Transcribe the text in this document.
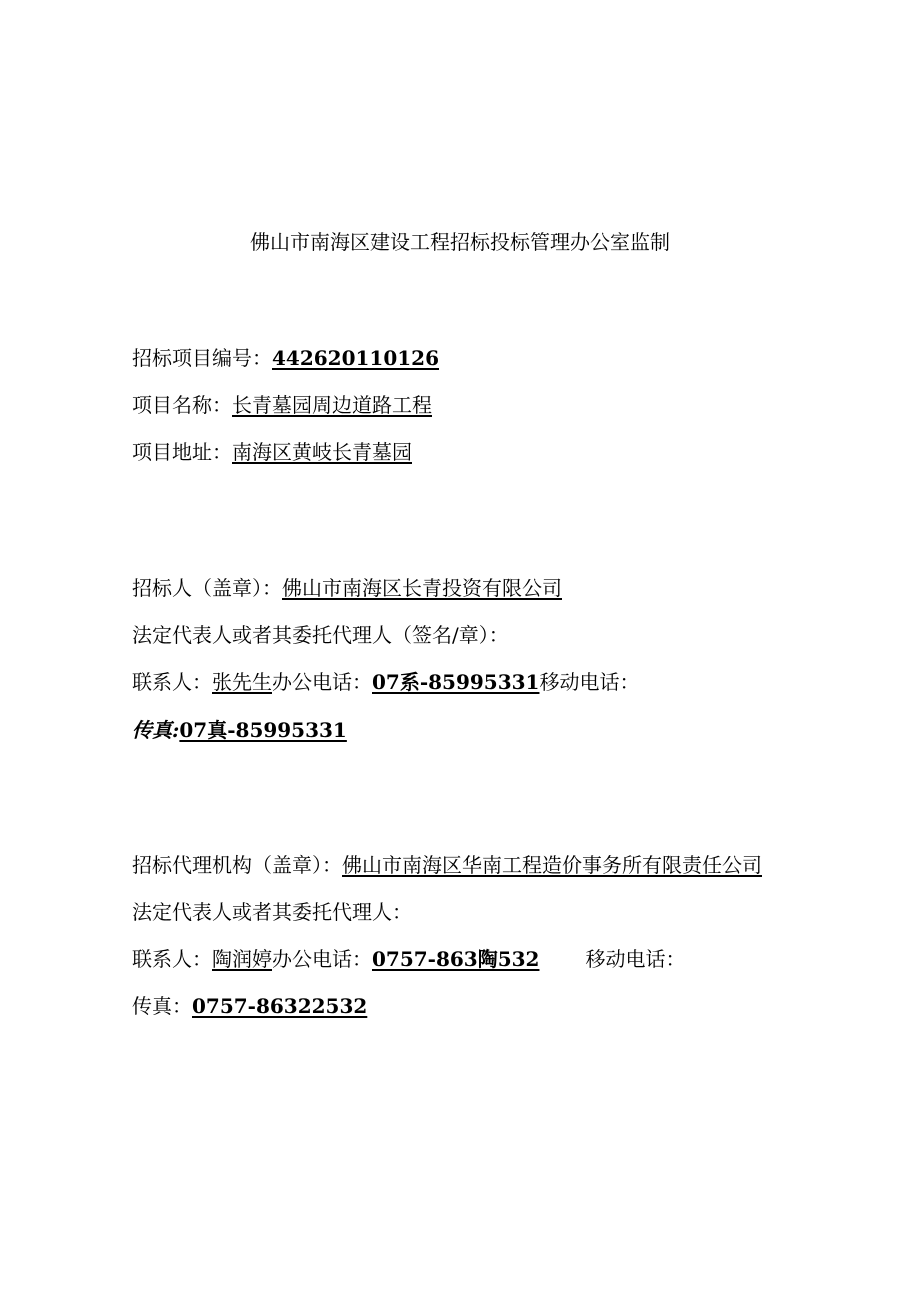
佛山市南海区建设工程招标投标管理办公室监制
招标项目编号：442620110126
项目名称：长青墓园周边道路工程
项目地址：南海区黄岐长青墓园
招标人（盖章）：佛山市南海区长青投资有限公司
法定代表人或者其委托代理人（签名/章）：
联系人：张先生办公电话：07系-85995331移动电话：
传真:07真-85995331
招标代理机构（盖章）：佛山市南海区华南工程造价事务所有限责任公司
法定代表人或者其委托代理人：
联系人：陶润婷办公电话：0757-863陶532 移动电话：
传真：0757-86322532
